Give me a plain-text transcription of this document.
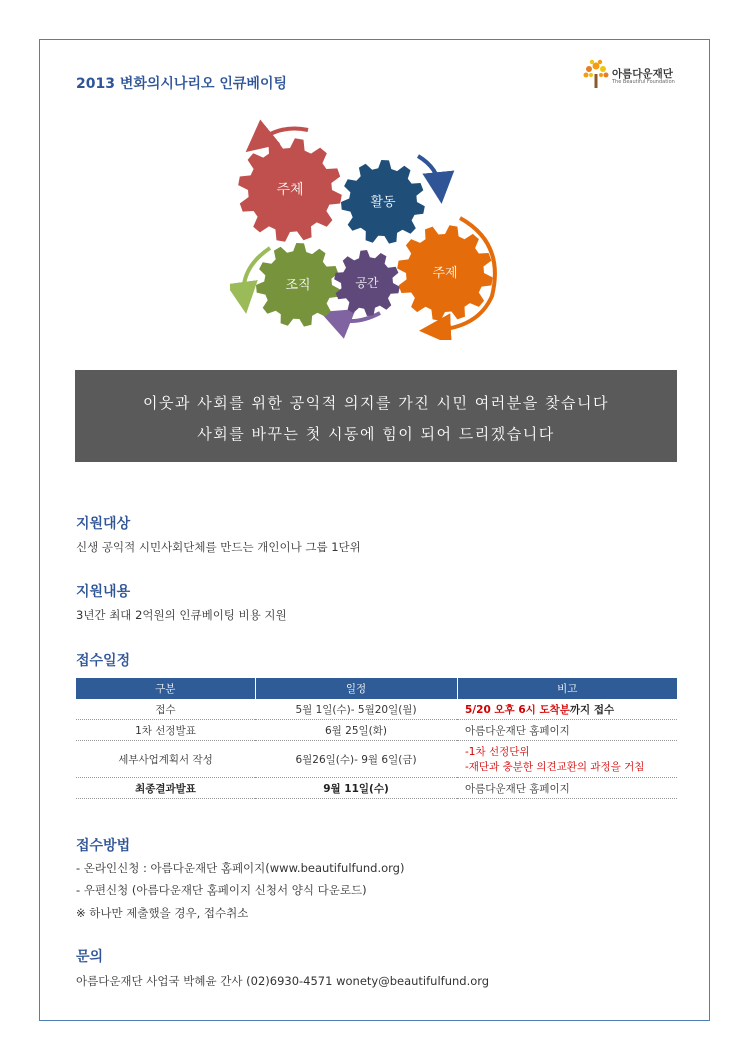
2013 변화의시나리오 인큐베이팅
아름다운재단
The Beautiful Foundation
주체
활동
조직	공간
주제
이웃과 사회를 위한 공익적 의지를 가진 시민 여러분을 찾습니다
사회를 바꾸는 첫 시동에 힘이 되어 드리겠습니다
지원대상
신생 공익적 시민사회단체를 만드는 개인이나 그룹 1단위
지원내용
3년간 최대 2억원의 인큐베이팅 비용 지원
접수일정
구분	일정	비고
접수	5월 1일(수)- 5월20일(월)	5/20 오후 6시 도착분까지 접수
1차 선정발표	6월 25일(화)	아름다운재단 홈페이지
세부사업계획서 작성	6월26일(수)- 9월 6일(금)	-1차 선정단위
-재단과 충분한 의견교환의 과정을 거침

최종결과발표	9월 11일(수)	아름다운재단 홈페이지
접수방법
- 온라인신청 : 아름다운재단 홈페이지(www.beautifulfund.org)
- 우편신청 (아름다운재단 홈페이지 신청서 양식 다운로드)
※ 하나만 제출했을 경우, 접수취소
문의
아름다운재단 사업국 박혜윤 간사 (02)6930-4571 wonety@beautifulfund.org
